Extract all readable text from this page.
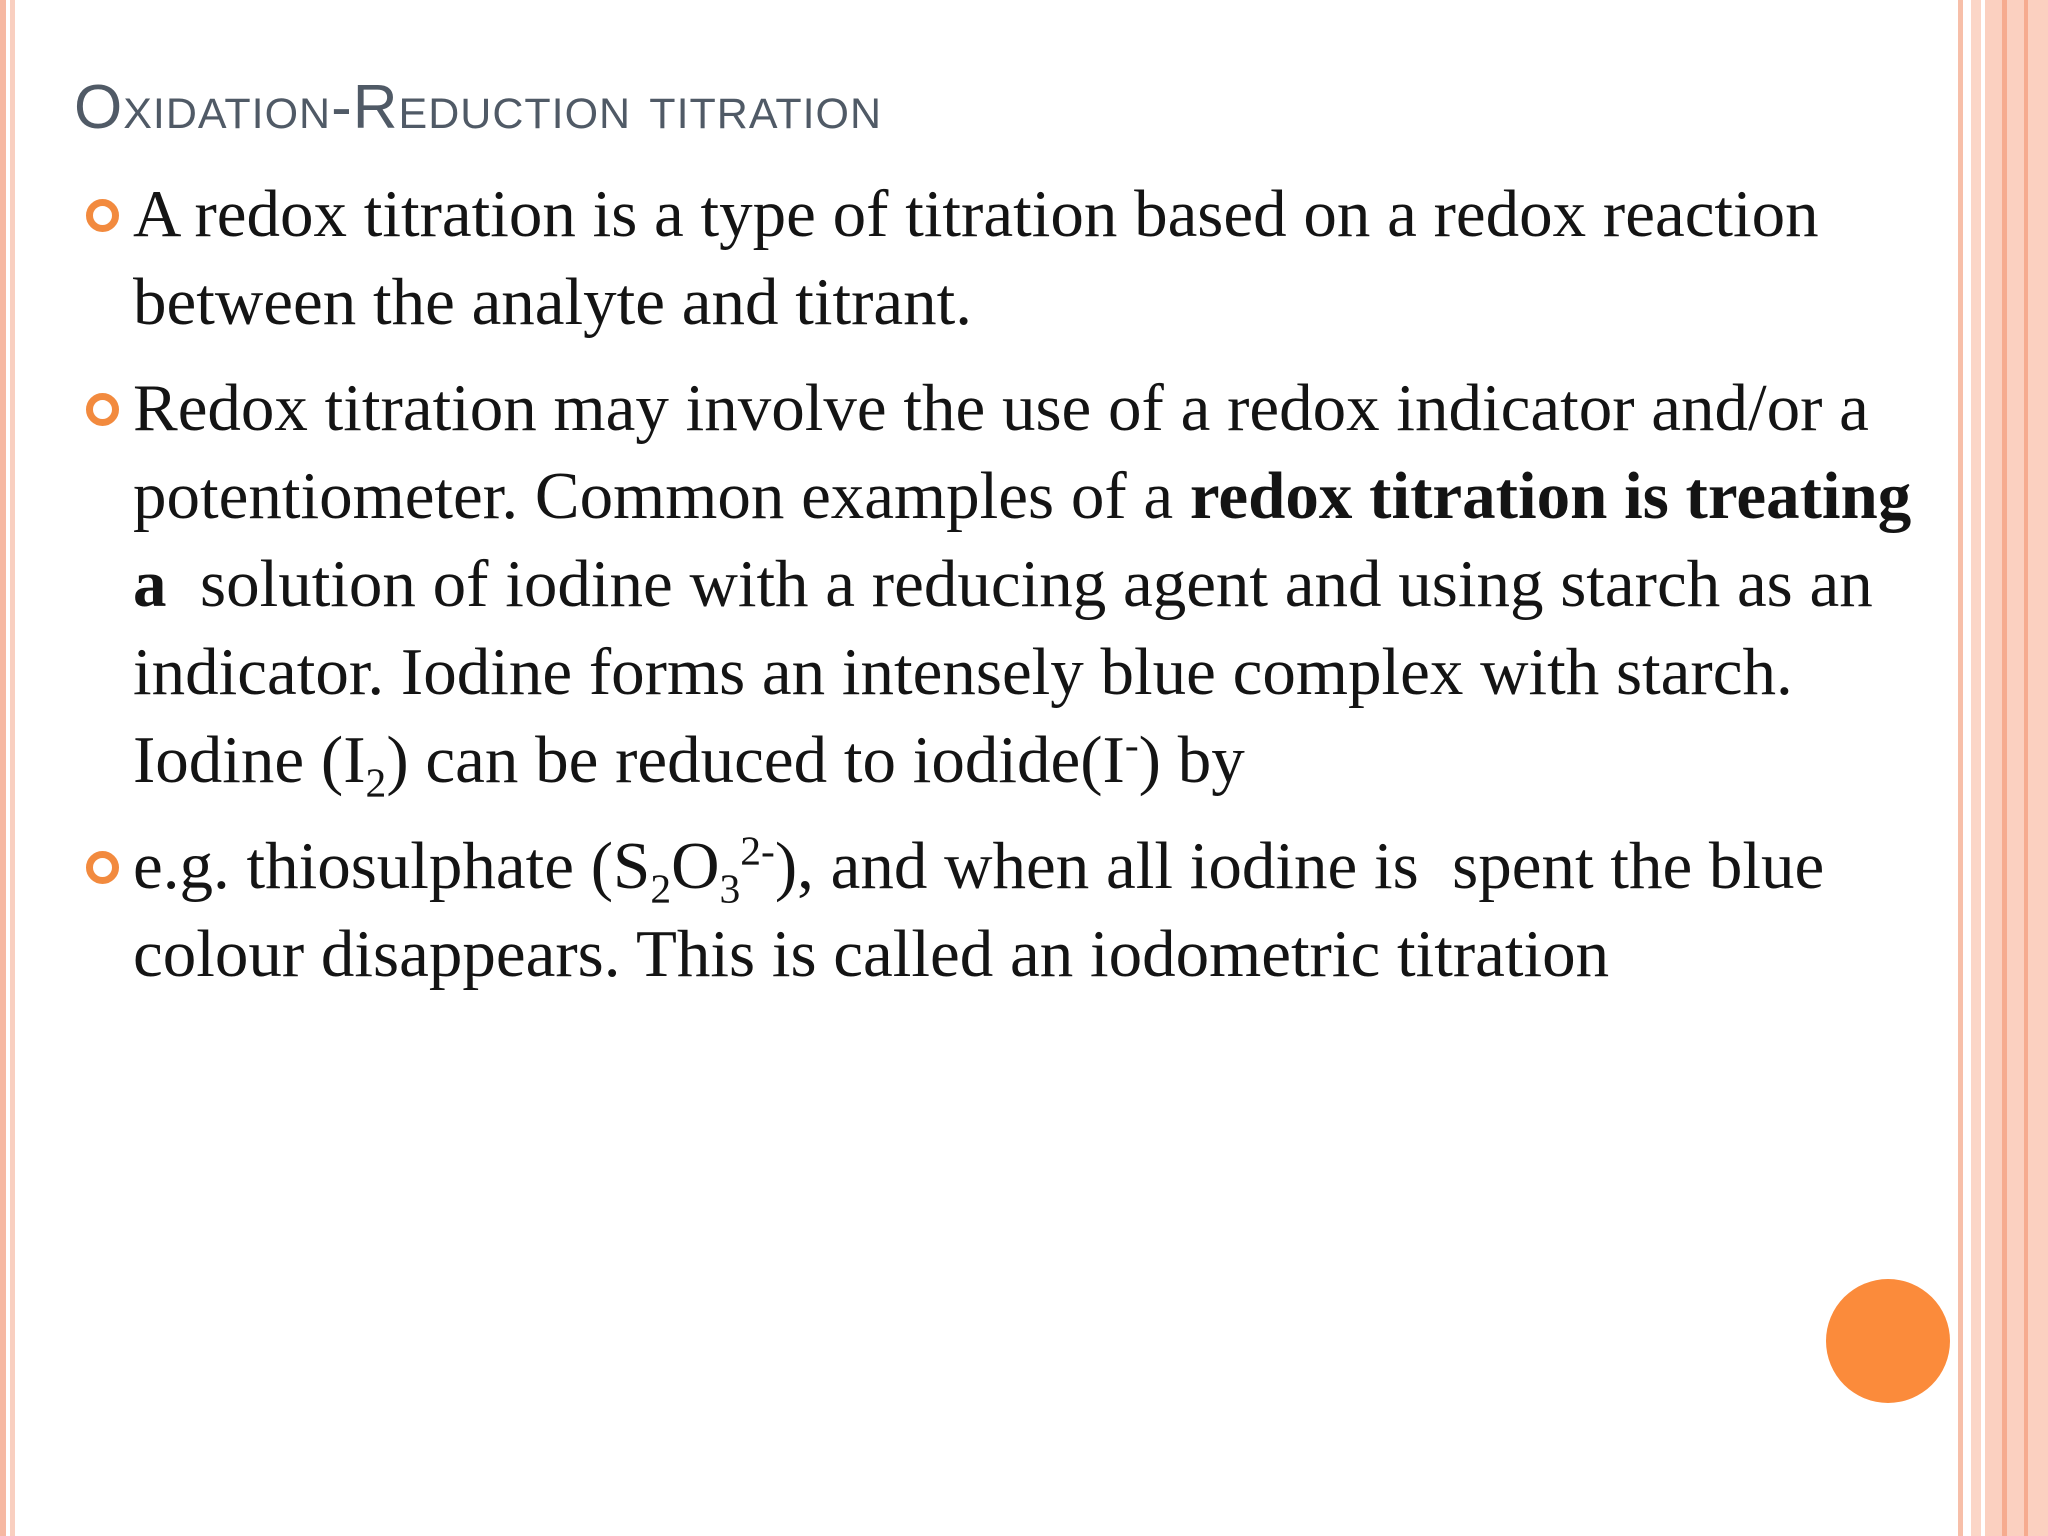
Oxidation-Reduction titration
A redox titration is a type of titration based on a redox reaction between the analyte and titrant.
Redox titration may involve the use of a redox indicator and/or a potentiometer. Common examples of a redox titration is treating a  solution of iodine with a reducing agent and using starch as an indicator. Iodine forms an intensely blue complex with starch. Iodine $(I_2)$ can be reduced to iodide(I-) by
e.g. thiosulphate $(S_2O_3^{2-})$, and when all iodine is  spent the blue colour disappears. This is called an iodometric titration
